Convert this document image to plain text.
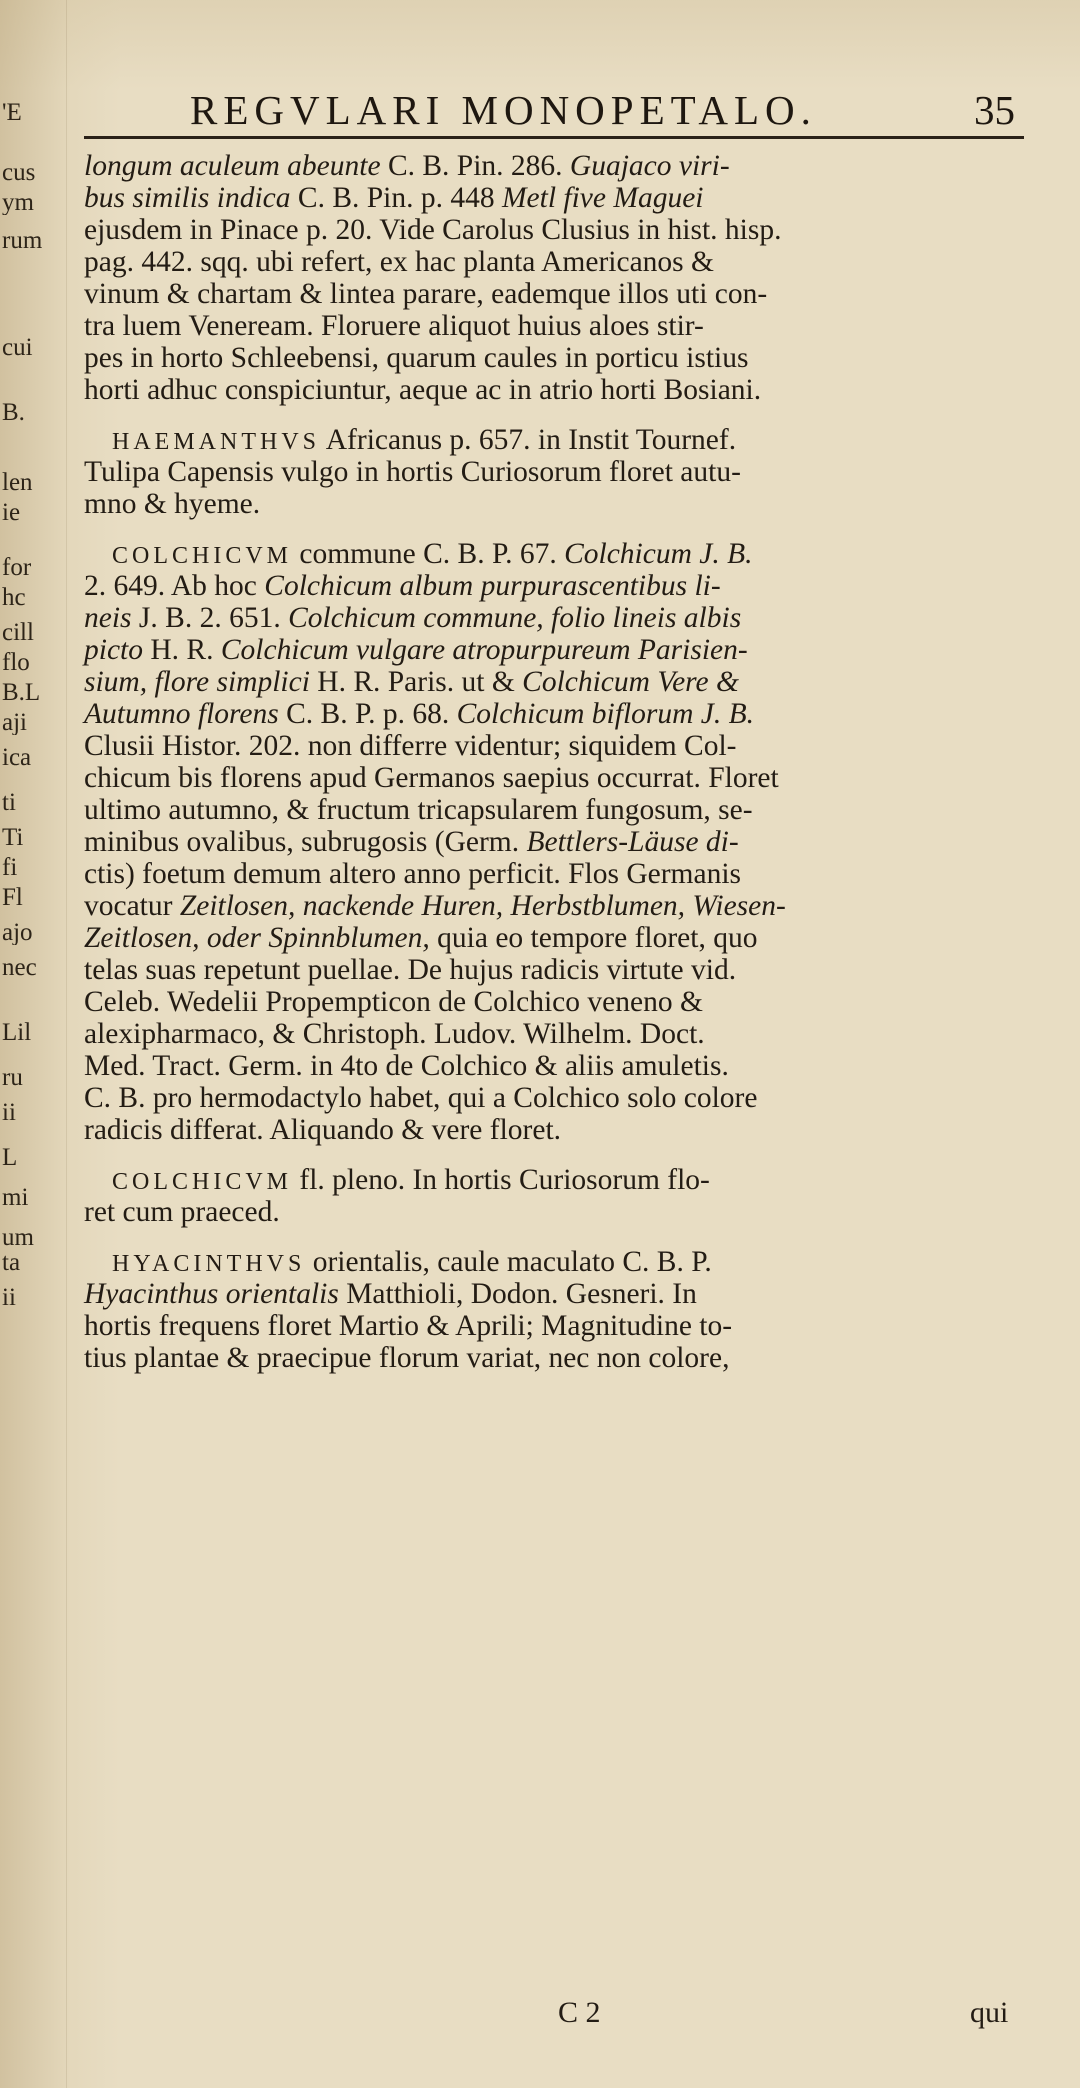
'E
cus
ym
rum
cui
B.
len
ie
for
hc
cill
flo
B.L
aji
ica
ti
Ti
fi
Fl
ajo
nec
Lil
ru
ii
L
mi
um
ta
ii
REGVLARI MONOPETALO.	35
longum aculeum abeunte C. B. Pin. 286. Guajaco viri-
bus similis indica C. B. Pin. p. 448 Metl five Maguei
ejusdem in Pinace p. 20. Vide Carolus Clusius in hist. hisp.
pag. 442. sqq. ubi refert, ex hac planta Americanos &
vinum & chartam & lintea parare, eademque illos uti con-
tra luem Veneream. Floruere aliquot huius aloes stir-
pes in horto Schleebensi, quarum caules in porticu istius
horti adhuc conspiciuntur, aeque ac in atrio horti Bosiani.
HAEMANTHVS Africanus p. 657. in Instit Tournef.
Tulipa Capensis vulgo in hortis Curiosorum floret autu-
mno & hyeme.
COLCHICVM commune C. B. P. 67. Colchicum J. B.
2. 649. Ab hoc Colchicum album purpurascentibus li-
neis J. B. 2. 651. Colchicum commune, folio lineis albis
picto H. R. Colchicum vulgare atropurpureum Parisien-
sium, flore simplici H. R. Paris. ut & Colchicum Vere &
Autumno florens C. B. P. p. 68. Colchicum biflorum J. B.
Clusii Histor. 202. non differre videntur; siquidem Col-
chicum bis florens apud Germanos saepius occurrat. Floret
ultimo autumno, & fructum tricapsularem fungosum, se-
minibus ovalibus, subrugosis (Germ. Bettlers-Läuse di-
ctis) foetum demum altero anno perficit. Flos Germanis
vocatur Zeitlosen, nackende Huren, Herbstblumen, Wiesen-
Zeitlosen, oder Spinnblumen, quia eo tempore floret, quo
telas suas repetunt puellae. De hujus radicis virtute vid.
Celeb. Wedelii Propempticon de Colchico veneno &
alexipharmaco, & Christoph. Ludov. Wilhelm. Doct.
Med. Tract. Germ. in 4to de Colchico & aliis amuletis.
C. B. pro hermodactylo habet, qui a Colchico solo colore
radicis differat. Aliquando & vere floret.
COLCHICVM fl. pleno. In hortis Curiosorum flo-
ret cum praeced.
HYACINTHVS orientalis, caule maculato C. B. P.
Hyacinthus orientalis Matthioli, Dodon. Gesneri. In
hortis frequens floret Martio & Aprili; Magnitudine to-
tius plantae & praecipue florum variat, nec non colore,
C 2	qui
